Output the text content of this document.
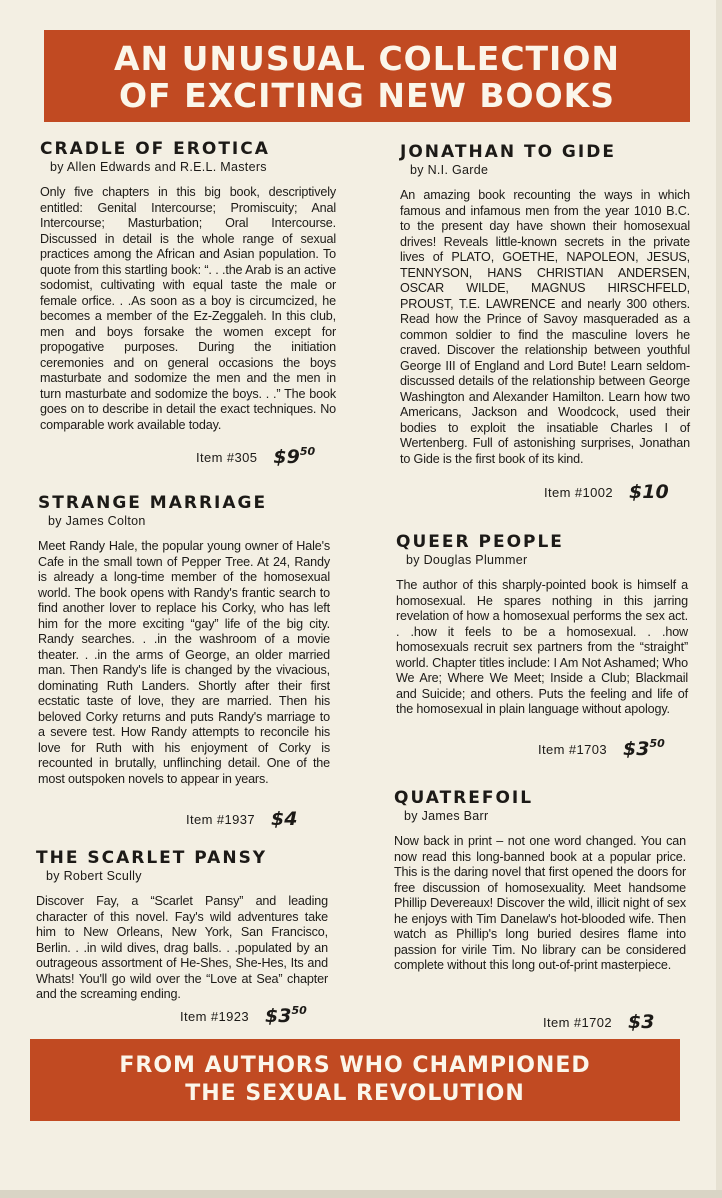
AN UNUSUAL COLLECTION
OF EXCITING NEW BOOKS
CRADLE OF EROTICA
by Allen Edwards and R.E.L. Masters
Only five chapters in this big book, descriptively entitled: Genital Intercourse; Promiscuity; Anal Intercourse; Masturbation; Oral Intercourse. Discussed in detail is the whole range of sexual practices among the African and Asian population. To quote from this startling book: “. . .the Arab is an active sodomist, cultivating with equal taste the male or female orfice. . .As soon as a boy is circumcized, he becomes a member of the Ez-Zeggaleh. In this club, men and boys forsake the women except for propogative purposes. During the initiation ceremonies and on general occasions the boys masturbate and sodomize the men and the men in turn masturbate and sodomize the boys. . .” The book goes on to describe in detail the exact techniques. No comparable work available today.
Item #305 $\$9^{50}$
STRANGE MARRIAGE
by James Colton
Meet Randy Hale, the popular young owner of Hale's Cafe in the small town of Pepper Tree. At 24, Randy is already a long-time member of the homosexual world. The book opens with Randy's frantic search to find another lover to replace his Corky, who has left him for the more exciting “gay” life of the big city. Randy searches. . .in the washroom of a movie theater. . .in the arms of George, an older married man. Then Randy's life is changed by the vivacious, dominating Ruth Landers. Shortly after their first ecstatic taste of love, they are married. Then his beloved Corky returns and puts Randy's marriage to a severe test. How Randy attempts to reconcile his love for Ruth with his enjoyment of Corky is recounted in brutally, unflinching detail. One of the most outspoken novels to appear in years.
Item #1937 $4
THE SCARLET PANSY
by Robert Scully
Discover Fay, a “Scarlet Pansy” and leading character of this novel. Fay's wild adventures take him to New Orleans, New York, San Francisco, Berlin. . .in wild dives, drag balls. . .populated by an outrageous assortment of He-Shes, She-Hes, Its and Whats! You'll go wild over the “Love at Sea” chapter and the screaming ending.
Item #1923 $\$3^{50}$
JONATHAN TO GIDE
by N.I. Garde
An amazing book recounting the ways in which famous and infamous men from the year 1010 B.C. to the present day have shown their homosexual drives! Reveals little-known secrets in the private lives of PLATO, GOETHE, NAPOLEON, JESUS, TENNYSON, HANS CHRISTIAN ANDERSEN, OSCAR WILDE, MAGNUS HIRSCHFELD, PROUST, T.E. LAWRENCE and nearly 300 others. Read how the Prince of Savoy masqueraded as a common soldier to find the masculine lovers he craved. Discover the relationship between youthful George III of England and Lord Bute! Learn seldom-discussed details of the relationship between George Washington and Alexander Hamilton. Learn how two Americans, Jackson and Woodcock, used their bodies to exploit the insatiable Charles I of Wertenberg. Full of astonishing surprises, Jonathan to Gide is the first book of its kind.
Item #1002 $10
QUEER PEOPLE
by Douglas Plummer
The author of this sharply-pointed book is himself a homosexual. He spares nothing in this jarring revelation of how a homosexual performs the sex act. . .how it feels to be a homosexual. . .how homosexuals recruit sex partners from the “straight” world. Chapter titles include: I Am Not Ashamed; Who We Are; Where We Meet; Inside a Club; Blackmail and Suicide; and others. Puts the feeling and life of the homosexual in plain language without apology.
Item #1703 $\$3^{50}$
QUATREFOIL
by James Barr
Now back in print – not one word changed. You can now read this long-banned book at a popular price. This is the daring novel that first opened the doors for free discussion of homosexuality. Meet handsome Phillip Devereaux! Discover the wild, illicit night of sex he enjoys with Tim Danelaw's hot-blooded wife. Then watch as Phillip's long buried desires flame into passion for virile Tim. No library can be considered complete without this long out-of-print masterpiece.
Item #1702 $3
FROM AUTHORS WHO CHAMPIONED
THE SEXUAL REVOLUTION
